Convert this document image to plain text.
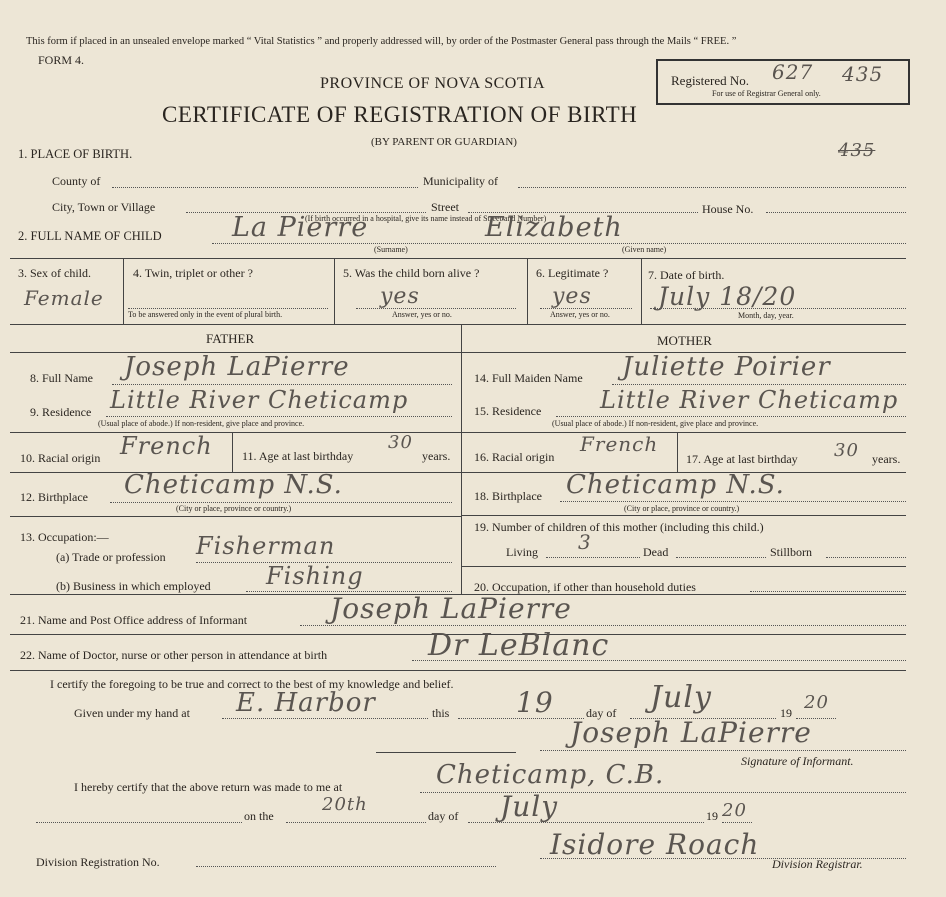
This form if placed in an unsealed envelope marked “ Vital Statistics ” and properly addressed will, by order of the Postmaster General pass through the Mails “ FREE. ”
FORM 4.
PROVINCE OF NOVA SCOTIA
CERTIFICATE OF REGISTRATION OF BIRTH
(BY PARENT OR GUARDIAN)
Registered No. 627 435
For use of Registrar General only.
435
1. PLACE OF BIRTH.
County of	Municipality of
City, Town or Village	Street	House No.
(If birth occurred in a hospital, give its name instead of Street and Number)
2. FULL NAME OF CHILD	La Pierre	Elizabeth
(Surname)	(Given name)
3. Sex of child.
Female
4. Twin, triplet or other ?
To be answered only in the event of plural birth.
5. Was the child born alive ?
yes
Answer, yes or no.
6. Legitimate ?
yes
Answer, yes or no.
7. Date of birth.
July 18/20
Month, day, year.
FATHER
8. Full Name Joseph LaPierre
9. Residence Little River Cheticamp
(Usual place of abode.) If non-resident, give place and province.
10. Racial origin French 11. Age at last birthday
30
years.
12. Birthplace Cheticamp N.S.
(City or place, province or country.)
13. Occupation:—
(a) Trade or profession Fisherman
(b) Business in which employed Fishing
MOTHER
14. Full Maiden Name Juliette Poirier
15. Residence Little River Cheticamp
(Usual place of abode.) If non-resident, give place and province.
16. Racial origin
French
17. Age at last birthday 30 years.
18. Birthplace Cheticamp N.S.
(City or place, province or country.)
19. Number of children of this mother (including this child.)
Living 3	Dead	Stillborn
20. Occupation, if other than household duties
21. Name and Post Office address of Informant	Joseph LaPierre
22. Name of Doctor, nurse or other person in attendance at birth	Dr LeBlanc
I certify the foregoing to be true and correct to the best of my knowledge and belief.
Given under my hand at E. Harbor	this 19	day of July	19 20
Joseph LaPierre
Signature of Informant.
I hereby certify that the above return was made to me at	Cheticamp, C.B.
on the
20th
day of July	19 20
Division Registration No.
Isidore Roach
Division Registrar.
